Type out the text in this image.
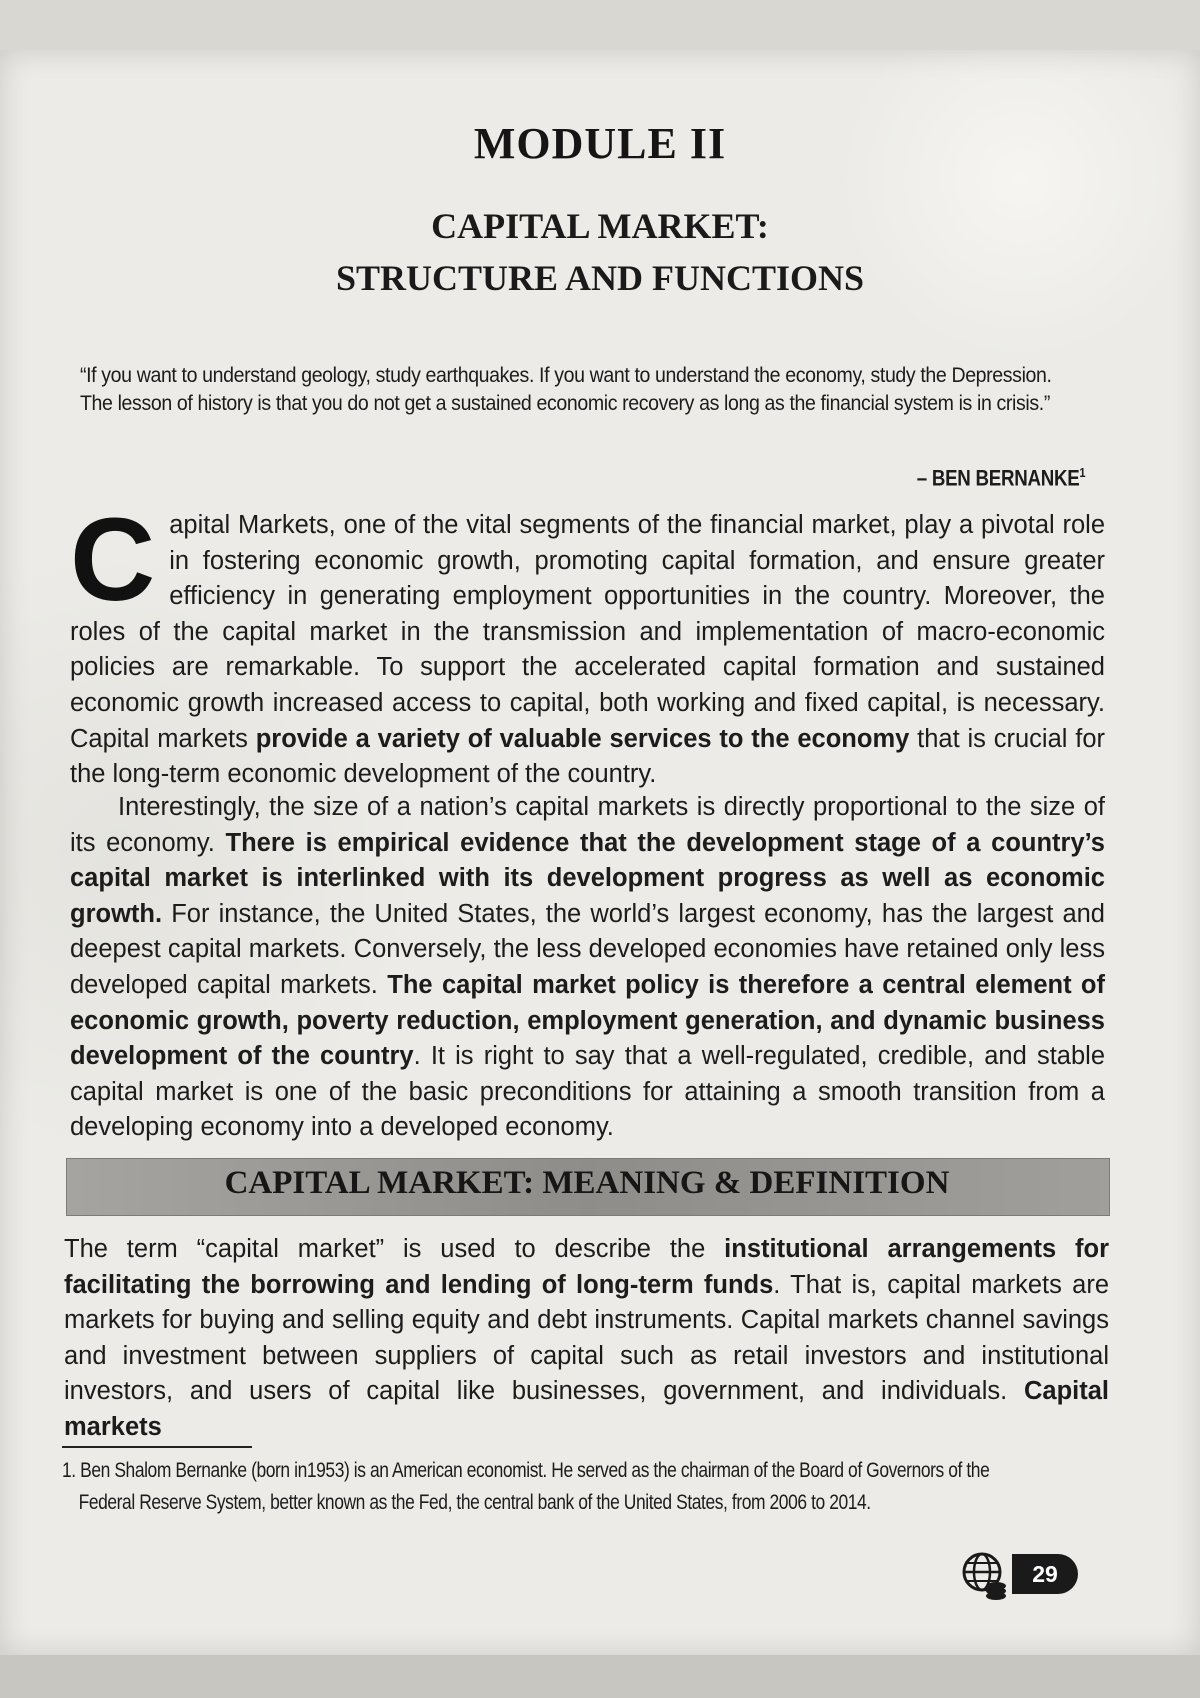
MODULE II
CAPITAL MARKET:
STRUCTURE AND FUNCTIONS
“If you want to understand geology, study earthquakes. If you want to understand the economy, study the Depression. The lesson of history is that you do not get a sustained economic recovery as long as the financial system is in crisis.”
– BEN BERNANKE$^1$
Capital Markets, one of the vital segments of the financial market, play a pivotal role in fostering economic growth, promoting capital formation, and ensure greater efficiency in generating employment opportunities in the country. Moreover, the roles of the capital market in the transmission and implementation of macro-economic policies are remarkable. To support the accelerated capital formation and sustained economic growth increased access to capital, both working and fixed capital, is necessary. Capital markets provide a variety of valuable services to the economy that is crucial for the long-term economic development of the country.
Interestingly, the size of a nation’s capital markets is directly proportional to the size of its economy. There is empirical evidence that the development stage of a country’s capital market is interlinked with its development progress as well as economic growth. For instance, the United States, the world’s largest economy, has the largest and deepest capital markets. Conversely, the less developed economies have retained only less developed capital markets. The capital market policy is therefore a central element of economic growth, poverty reduction, employment generation, and dynamic business development of the country. It is right to say that a well-regulated, credible, and stable capital market is one of the basic preconditions for attaining a smooth transition from a developing economy into a developed economy.
CAPITAL MARKET: MEANING & DEFINITION
The term “capital market” is used to describe the institutional arrangements for facilitating the borrowing and lending of long-term funds. That is, capital markets are markets for buying and selling equity and debt instruments. Capital markets channel savings and investment between suppliers of capital such as retail investors and institutional investors, and users of capital like businesses, government, and individuals. Capital markets
1. Ben Shalom Bernanke (born in1953) is an American economist. He served as the chairman of the Board of Governors of the
Federal Reserve System, better known as the Fed, the central bank of the United States, from 2006 to 2014.
29
